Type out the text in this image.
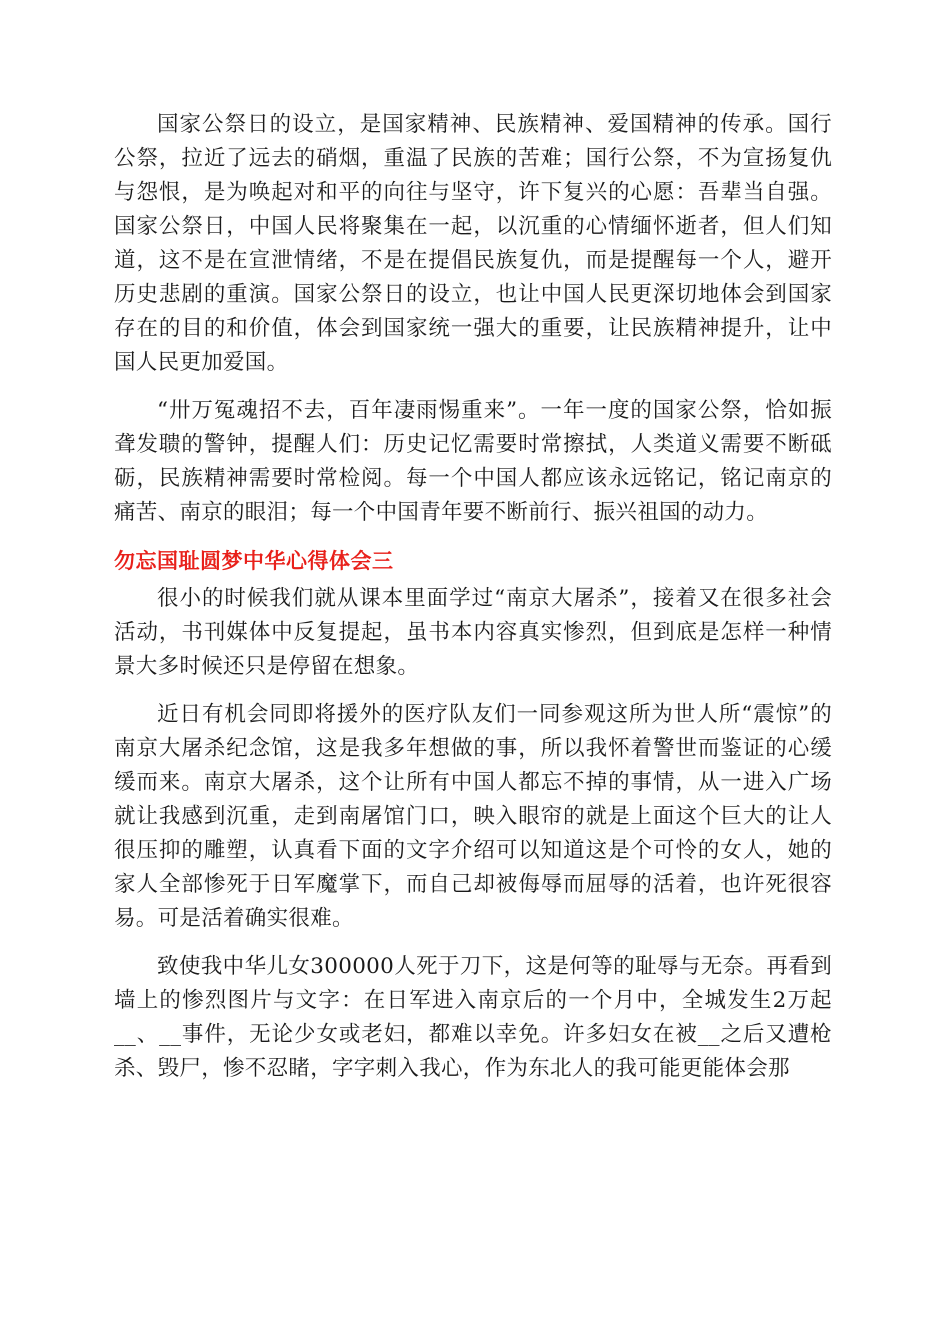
国家公祭日的设立，是国家精神、民族精神、爱国精神的传承。国行公祭，拉近了远去的硝烟，重温了民族的苦难；国行公祭，不为宣扬复仇与怨恨，是为唤起对和平的向往与坚守，许下复兴的心愿：吾辈当自强。国家公祭日，中国人民将聚集在一起，以沉重的心情缅怀逝者，但人们知道，这不是在宣泄情绪，不是在提倡民族复仇，而是提醒每一个人，避开历史悲剧的重演。国家公祭日的设立，也让中国人民更深切地体会到国家存在的目的和价值，体会到国家统一强大的重要，让民族精神提升，让中国人民更加爱国。

“卅万冤魂招不去，百年凄雨惕重来”。一年一度的国家公祭，恰如振聋发聩的警钟，提醒人们：历史记忆需要时常擦拭，人类道义需要不断砥砺，民族精神需要时常检阅。每一个中国人都应该永远铭记，铭记南京的痛苦、南京的眼泪；每一个中国青年要不断前行、振兴祖国的动力。

勿忘国耻圆梦中华心得体会三

很小的时候我们就从课本里面学过“南京大屠杀”，接着又在很多社会活动，书刊媒体中反复提起，虽书本内容真实惨烈，但到底是怎样一种情景大多时候还只是停留在想象。

近日有机会同即将援外的医疗队友们一同参观这所为世人所“震惊”的南京大屠杀纪念馆，这是我多年想做的事，所以我怀着警世而鉴证的心缓缓而来。南京大屠杀，这个让所有中国人都忘不掉的事情，从一进入广场就让我感到沉重，走到南屠馆门口，映入眼帘的就是上面这个巨大的让人很压抑的雕塑，认真看下面的文字介绍可以知道这是个可怜的女人，她的家人全部惨死于日军魔掌下，而自己却被侮辱而屈辱的活着，也许死很容易。可是活着确实很难。

致使我中华儿女300000人死于刀下，这是何等的耻辱与无奈。再看到墙上的惨烈图片与文字：在日军进入南京后的一个月中，全城发生2万起__、__事件，无论少女或老妇，都难以幸免。许多妇女在被__之后又遭枪杀、毁尸，惨不忍睹，字字刺入我心，作为东北人的我可能更能体会那
